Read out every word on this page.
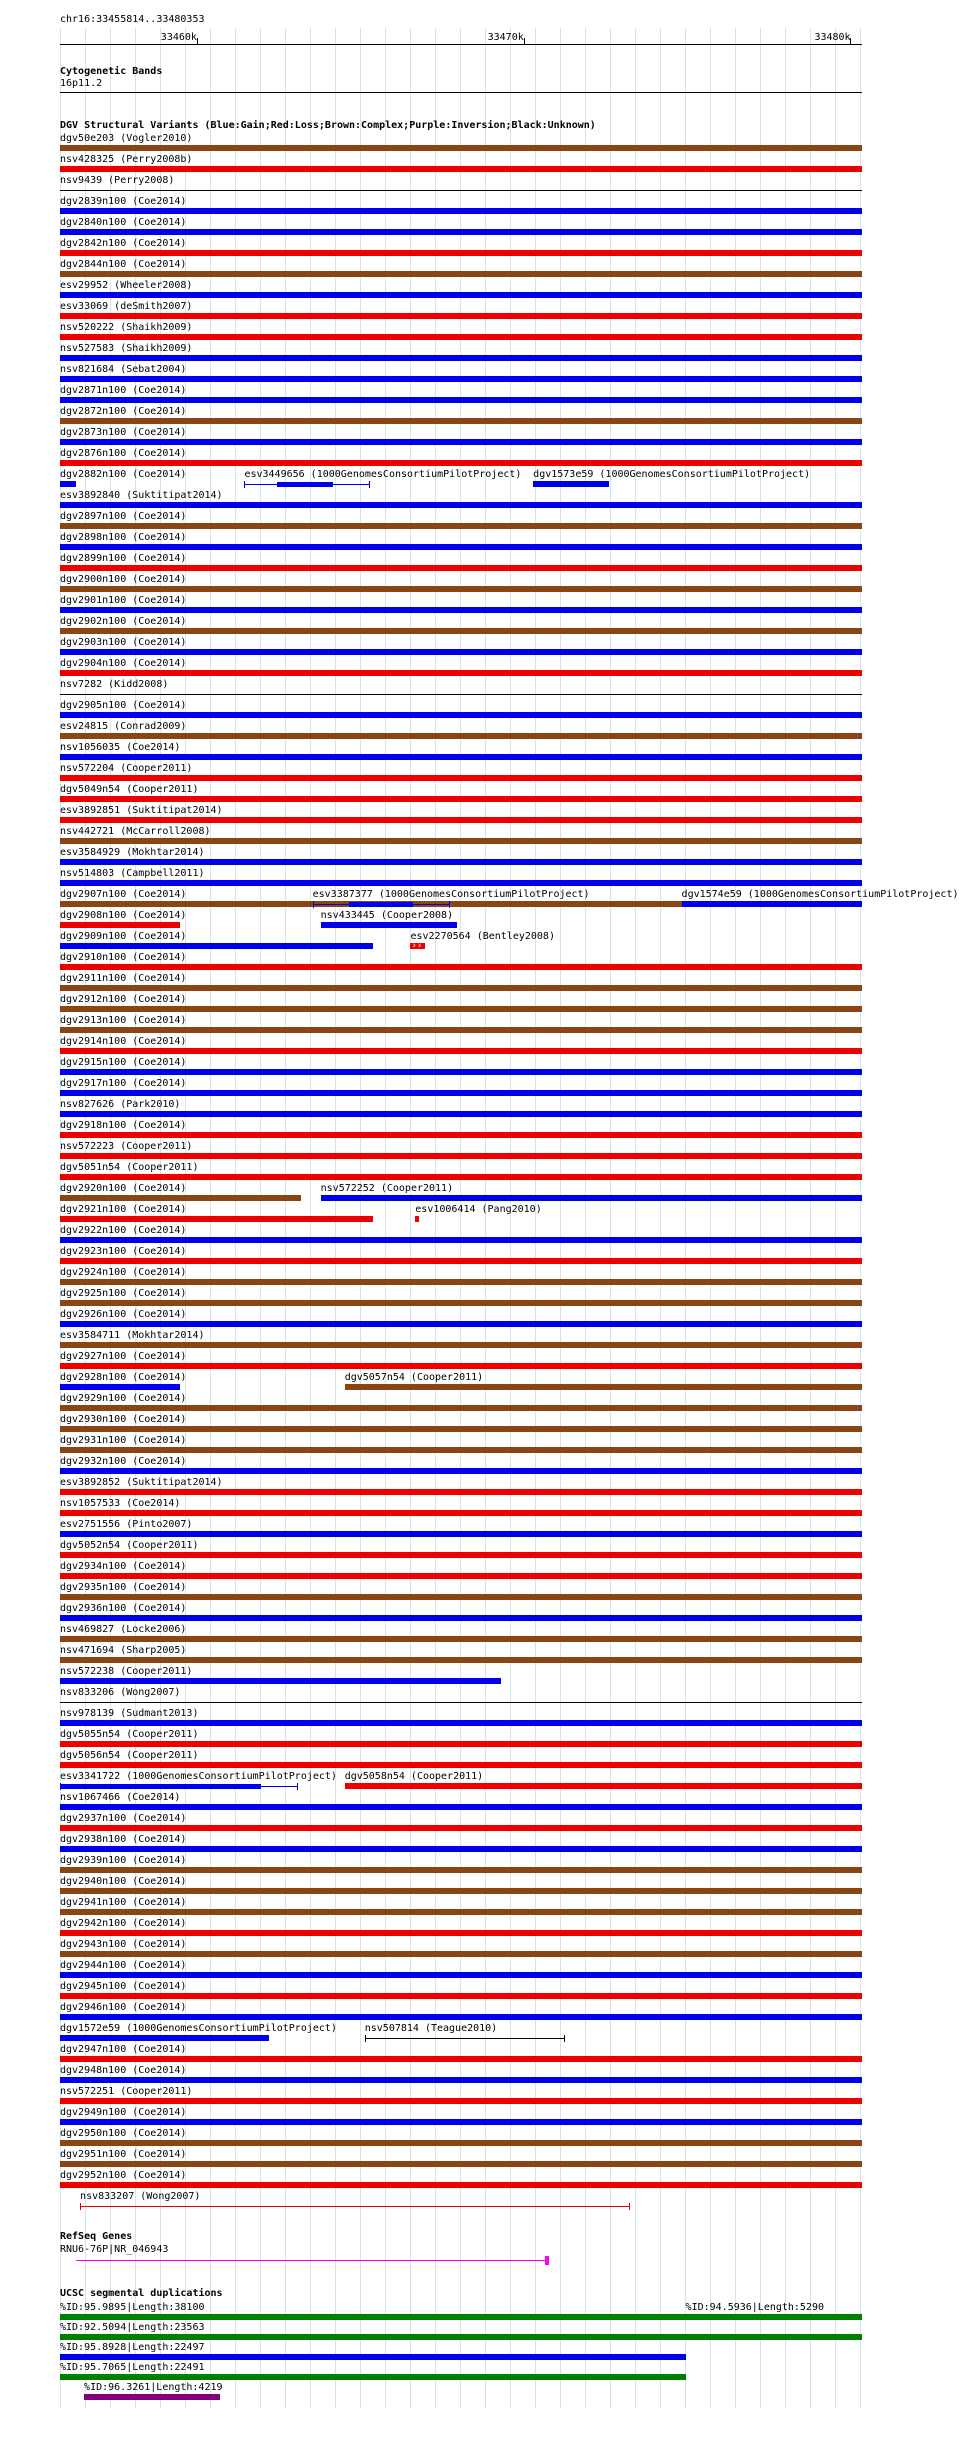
chr16:33455814..33480353
33460k	33470k	33480k
Cytogenetic Bands
16p11.2
DGV Structural Variants (Blue:Gain;Red:Loss;Brown:Complex;Purple:Inversion;Black:Unknown)
dgv50e203 (Vogler2010)
nsv428325 (Perry2008b)
nsv9439 (Perry2008)
dgv2839n100 (Coe2014)
dgv2840n100 (Coe2014)
dgv2842n100 (Coe2014)
dgv2844n100 (Coe2014)
esv29952 (Wheeler2008)
esv33069 (deSmith2007)
nsv520222 (Shaikh2009)
nsv527583 (Shaikh2009)
nsv821684 (Sebat2004)
dgv2871n100 (Coe2014)
dgv2872n100 (Coe2014)
dgv2873n100 (Coe2014)
dgv2876n100 (Coe2014)
dgv2882n100 (Coe2014)	esv3449656 (1000GenomesConsortiumPilotProject) dgv1573e59 (1000GenomesConsortiumPilotProject)
esv3892840 (Suktitipat2014)
dgv2897n100 (Coe2014)
dgv2898n100 (Coe2014)
dgv2899n100 (Coe2014)
dgv2900n100 (Coe2014)
dgv2901n100 (Coe2014)
dgv2902n100 (Coe2014)
dgv2903n100 (Coe2014)
dgv2904n100 (Coe2014)
nsv7282 (Kidd2008)
dgv2905n100 (Coe2014)
esv24815 (Conrad2009)
nsv1056035 (Coe2014)
nsv572204 (Cooper2011)
dgv5049n54 (Cooper2011)
esv3892851 (Suktitipat2014)
nsv442721 (McCarroll2008)
esv3584929 (Mokhtar2014)
nsv514803 (Campbell2011)
dgv2907n100 (Coe2014)	esv3387377 (1000GenomesConsortiumPilotProject)	dgv1574e59 (1000GenomesConsortiumPilotProject)
dgv2908n100 (Coe2014)	nsv433445 (Cooper2008)
dgv2909n100 (Coe2014)	esv2270564 (Bentley2008)
››
dgv2910n100 (Coe2014)
dgv2911n100 (Coe2014)
dgv2912n100 (Coe2014)
dgv2913n100 (Coe2014)
dgv2914n100 (Coe2014)
dgv2915n100 (Coe2014)
dgv2917n100 (Coe2014)
nsv827626 (Park2010)
dgv2918n100 (Coe2014)
nsv572223 (Cooper2011)
dgv5051n54 (Cooper2011)
dgv2920n100 (Coe2014)	nsv572252 (Cooper2011)
dgv2921n100 (Coe2014)	esv1006414 (Pang2010)
dgv2922n100 (Coe2014)
dgv2923n100 (Coe2014)
dgv2924n100 (Coe2014)
dgv2925n100 (Coe2014)
dgv2926n100 (Coe2014)
esv3584711 (Mokhtar2014)
dgv2927n100 (Coe2014)
dgv2928n100 (Coe2014)	dgv5057n54 (Cooper2011)
dgv2929n100 (Coe2014)
dgv2930n100 (Coe2014)
dgv2931n100 (Coe2014)
dgv2932n100 (Coe2014)
esv3892852 (Suktitipat2014)
nsv1057533 (Coe2014)
esv2751556 (Pinto2007)
dgv5052n54 (Cooper2011)
dgv2934n100 (Coe2014)
dgv2935n100 (Coe2014)
dgv2936n100 (Coe2014)
nsv469827 (Locke2006)
nsv471694 (Sharp2005)
nsv572238 (Cooper2011)
nsv833206 (Wong2007)
nsv978139 (Sudmant2013)
dgv5055n54 (Cooper2011)
dgv5056n54 (Cooper2011)
esv3341722 (1000GenomesConsortiumPilotProject) dgv5058n54 (Cooper2011)
nsv1067466 (Coe2014)
dgv2937n100 (Coe2014)
dgv2938n100 (Coe2014)
dgv2939n100 (Coe2014)
dgv2940n100 (Coe2014)
dgv2941n100 (Coe2014)
dgv2942n100 (Coe2014)
dgv2943n100 (Coe2014)
dgv2944n100 (Coe2014)
dgv2945n100 (Coe2014)
dgv2946n100 (Coe2014)
dgv1572e59 (1000GenomesConsortiumPilotProject)	nsv507814 (Teague2010)
dgv2947n100 (Coe2014)
dgv2948n100 (Coe2014)
nsv572251 (Cooper2011)
dgv2949n100 (Coe2014)
dgv2950n100 (Coe2014)
dgv2951n100 (Coe2014)
dgv2952n100 (Coe2014)
nsv833207 (Wong2007)
RefSeq Genes
RNU6-76P|NR_046943
UCSC segmental duplications
%ID:95.9895|Length:38100
%ID:92.5094|Length:23563
%ID:94.5936|Length:5290
%ID:95.8928|Length:22497
%ID:95.7065|Length:22491
%ID:96.3261|Length:4219
